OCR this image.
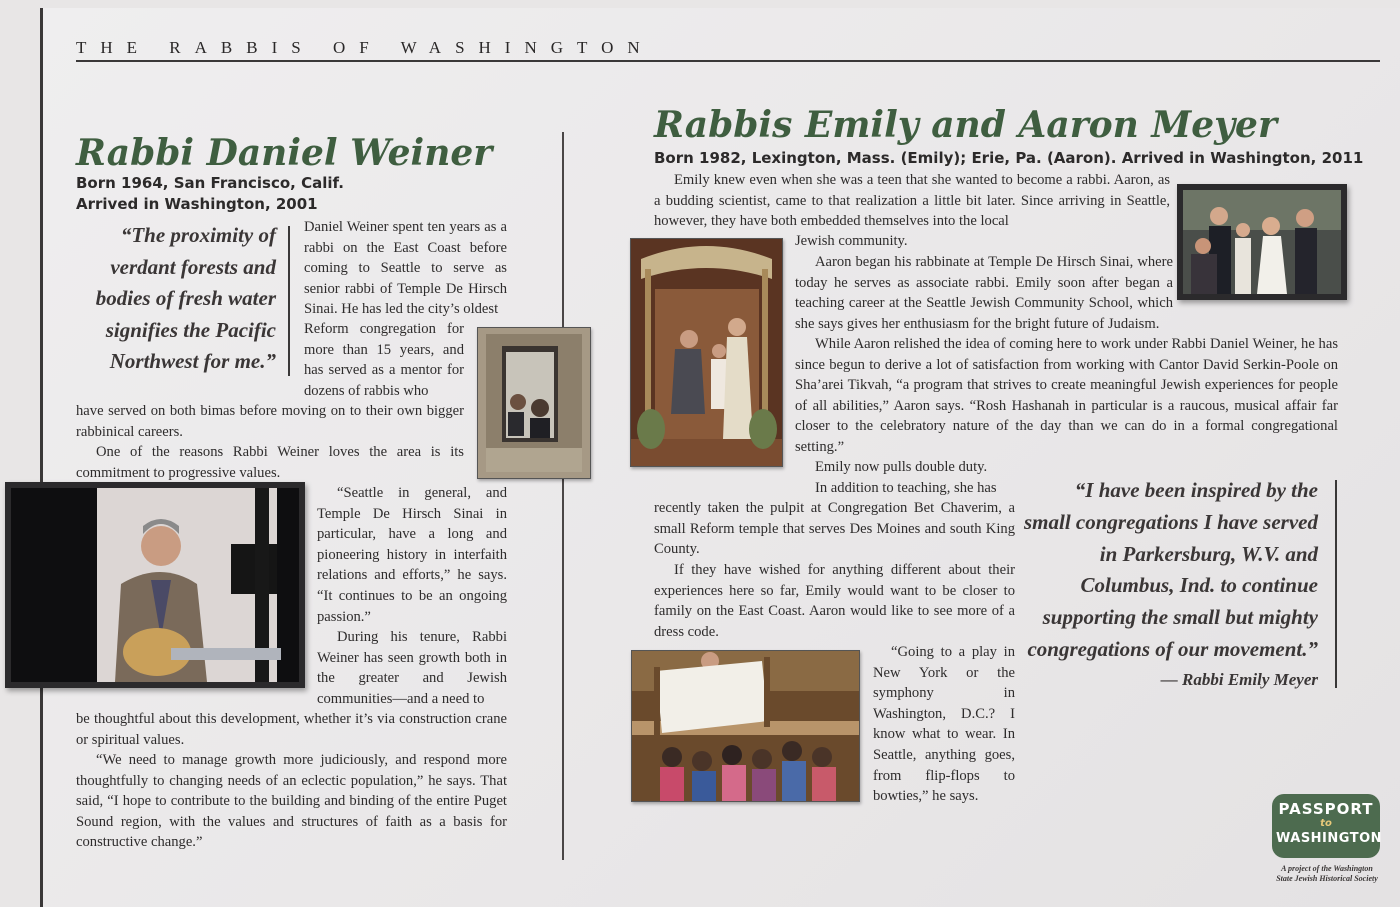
THE RABBIS OF WASHINGTON
Rabbi Daniel Weiner
Born 1964, San Francisco, Calif.
Arrived in Washington, 2001
“The proximity of verdant forests and bodies of fresh water signifies the Pacific Northwest for me.”
Daniel Weiner spent ten years as a rabbi on the East Coast before coming to Seattle to serve as senior rabbi of Temple De Hirsch Sinai. He has led the city’s oldest
Reform congregation for more than 15 years, and has served as a mentor for dozens of rabbis who
have served on both bimas before moving on to their own bigger rabbinical careers.
One of the reasons Rabbi Weiner loves the area is its commitment to progressive values.
“Seattle in general, and Temple De Hirsch Sinai in particular, have a long and pioneering history in interfaith relations and efforts,” he says. “It continues to be an ongoing passion.”
During his tenure, Rabbi Weiner has seen growth both in the greater and Jewish communities—and a need to
be thoughtful about this development, whether it’s via construction crane or spiritual values.
“We need to manage growth more judiciously, and respond more thoughtfully to changing needs of an eclectic population,” he says. That said, “I hope to contribute to the building and binding of the entire Puget Sound region, with the values and structures of faith as a basis for constructive change.”
Rabbis Emily and Aaron Meyer
Born 1982, Lexington, Mass. (Emily); Erie, Pa. (Aaron). Arrived in Washington, 2011
Emily knew even when she was a teen that she wanted to become a rabbi. Aaron, as a budding scientist, came to that realization a little bit later. Since arriving in Seattle, however, they have both embedded themselves into the local
Jewish community.
Aaron began his rabbinate at Temple De Hirsch Sinai, where today he serves as associate rabbi. Emily soon after began a teaching career at the Seattle Jewish Community School, which she says gives her enthusiasm for the bright future of Judaism.
While Aaron relished the idea of coming here to work under Rabbi Daniel Weiner, he has since begun to derive a lot of satisfaction from working with Cantor David Serkin-Poole on Sha’arei Tikvah, “a program that strives to create meaningful Jewish experiences for people of all abilities,” Aaron says. “Rosh Hashanah in particular is a raucous, musical affair far closer to the celebratory nature of the day than we can do in a formal congregational setting.”
Emily now pulls double duty.
In addition to teaching, she has
recently taken the pulpit at Congregation Bet Chaverim, a small Reform temple that serves Des Moines and south King County.
If they have wished for anything different about their experiences here so far, Emily would want to be closer to family on the East Coast. Aaron would like to see more of a dress code.
“Going to a play in New York or the symphony in Washington, D.C.? I know what to wear. In Seattle, anything goes, from flip-flops to bowties,” he says.
“I have been inspired by the small congregations I have served in Parkersburg, W.V. and Columbus, Ind. to continue supporting the small but mighty congregations of our movement.”
— Rabbi Emily Meyer
PASSPORT
to
WASHINGTON
A project of the Washington State Jewish Historical Society
